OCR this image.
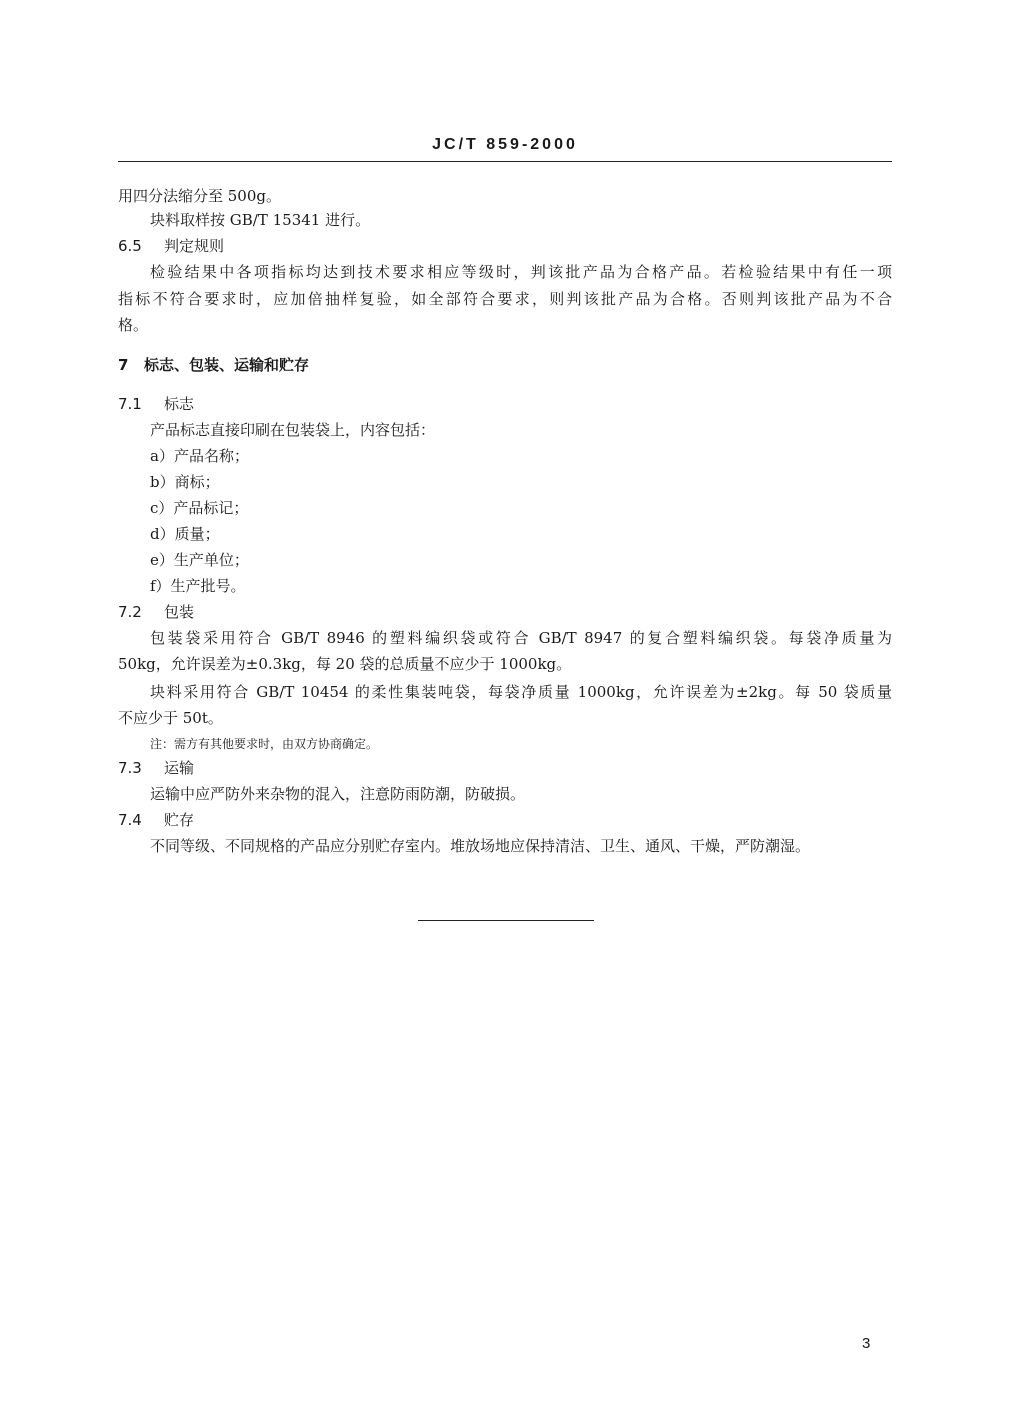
JC/T 859-2000
用四分法缩分至 500g。
块料取样按 GB/T 15341 进行。
6.5 判定规则
检验结果中各项指标均达到技术要求相应等级时，判该批产品为合格产品。若检验结果中有任一项
指标不符合要求时，应加倍抽样复验，如全部符合要求，则判该批产品为合格。否则判该批产品为不合
格。
7 标志、包装、运输和贮存
7.1 标志
产品标志直接印刷在包装袋上，内容包括：
a）产品名称；
b）商标；
c）产品标记；
d）质量；
e）生产单位；
f）生产批号。
7.2 包装
包装袋采用符合 GB/T 8946 的塑料编织袋或符合 GB/T 8947 的复合塑料编织袋。每袋净质量为
50kg，允许误差为±0.3kg，每 20 袋的总质量不应少于 1000kg。
块料采用符合 GB/T 10454 的柔性集装吨袋，每袋净质量 1000kg，允许误差为±2kg。每 50 袋质量
不应少于 50t。
注：需方有其他要求时，由双方协商确定。
7.3 运输
运输中应严防外来杂物的混入，注意防雨防潮，防破损。
7.4 贮存
不同等级、不同规格的产品应分别贮存室内。堆放场地应保持清洁、卫生、通风、干燥，严防潮湿。
3
